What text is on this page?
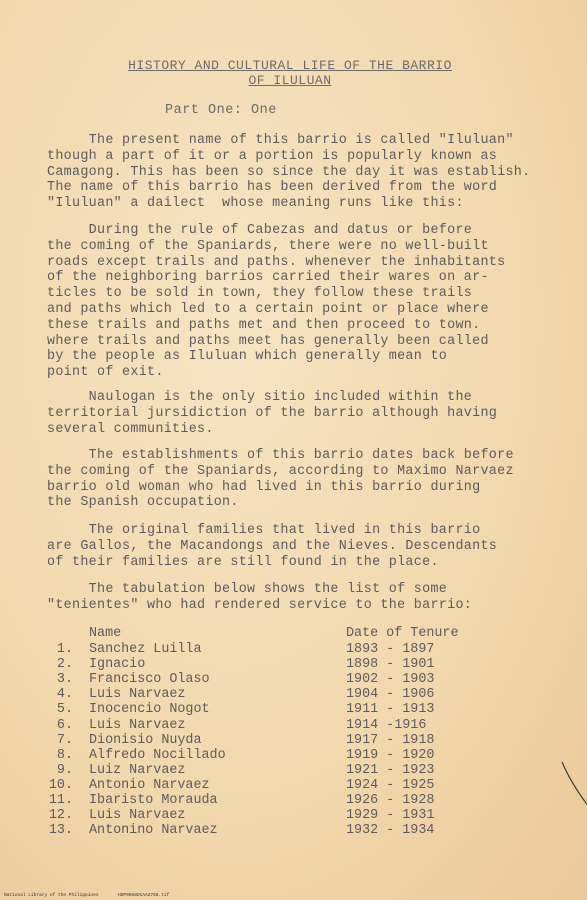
HISTORY AND CULTURAL LIFE OF THE BARRIO
OF ILULUAN
Part One: One
The present name of this barrio is called "Iluluan"
though a part of it or a portion is popularly known as
Camagong. This has been so since the day it was establish.
The name of this barrio has been derived from the word
"Iluluan" a dailect  whose meaning runs like this:
During the rule of Cabezas and datus or before
the coming of the Spaniards, there were no well-built
roads except trails and paths. whenever the inhabitants
of the neighboring barrios carried their wares on ar-
ticles to be sold in town, they follow these trails
and paths which led to a certain point or place where
these trails and paths met and then proceed to town.
where trails and paths meet has generally been called
by the people as Iluluan which generally mean to
point of exit.
Naulogan is the only sitio included within the
territorial jursidiction of the barrio although having
several communities.
The establishments of this barrio dates back before
the coming of the Spaniards, according to Maximo Narvaez
barrio old woman who had lived in this barrio during
the Spanish occupation.
The original families that lived in this barrio
are Gallos, the Macandongs and the Nieves. Descendants
of their families are still found in the place.
The tabulation below shows the list of some
"tenientes" who had rendered service to the barrio:
Name	Date of Tenure
1. Sanchez Luilla	1893 - 1897
2. Ignacio	1898 - 1901
3. Francisco Olaso	1902 - 1903
4. Luis Narvaez	1904 - 1906
5. Inocencio Nogot	1911 - 1913
6. Luis Narvaez	1914 -1916
7. Dionisio Nuyda	1917 - 1918
8. Alfredo Nocillado	1919 - 1920
9. Luiz Narvaez	1921 - 1923
10. Antonio Narvaez	1924 - 1925
11. Ibaristo Morauda	1926 - 1928
12. Luis Narvaez	1929 - 1931
13. Antonino Narvaez	1932 - 1934
National Library of the Philippines	HDP0088DCAA2766.tif
